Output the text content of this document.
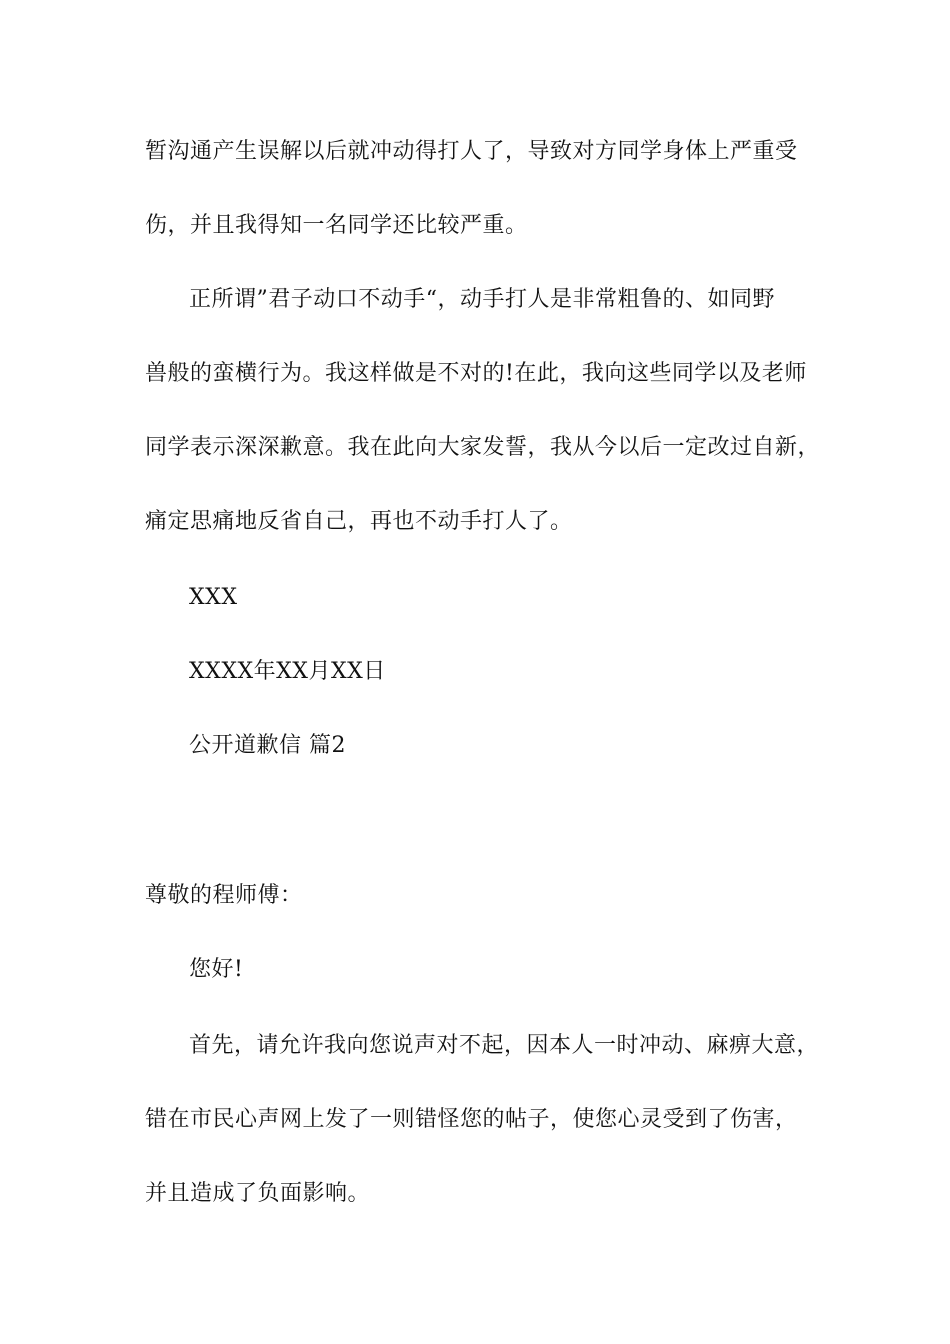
暂沟通产生误解以后就冲动得打人了，导致对方同学身体上严重受
伤，并且我得知一名同学还比较严重。
正所谓”君子动口不动手“，动手打人是非常粗鲁的、如同野
兽般的蛮横行为。我这样做是不对的!在此，我向这些同学以及老师
同学表示深深歉意。我在此向大家发誓，我从今以后一定改过自新，
痛定思痛地反省自己，再也不动手打人了。
XXX
XXXX年XX月XX日
公开道歉信 篇2
尊敬的程师傅：
您好!
首先，请允许我向您说声对不起，因本人一时冲动、麻痹大意，
错在市民心声网上发了一则错怪您的帖子，使您心灵受到了伤害，
并且造成了负面影响。
